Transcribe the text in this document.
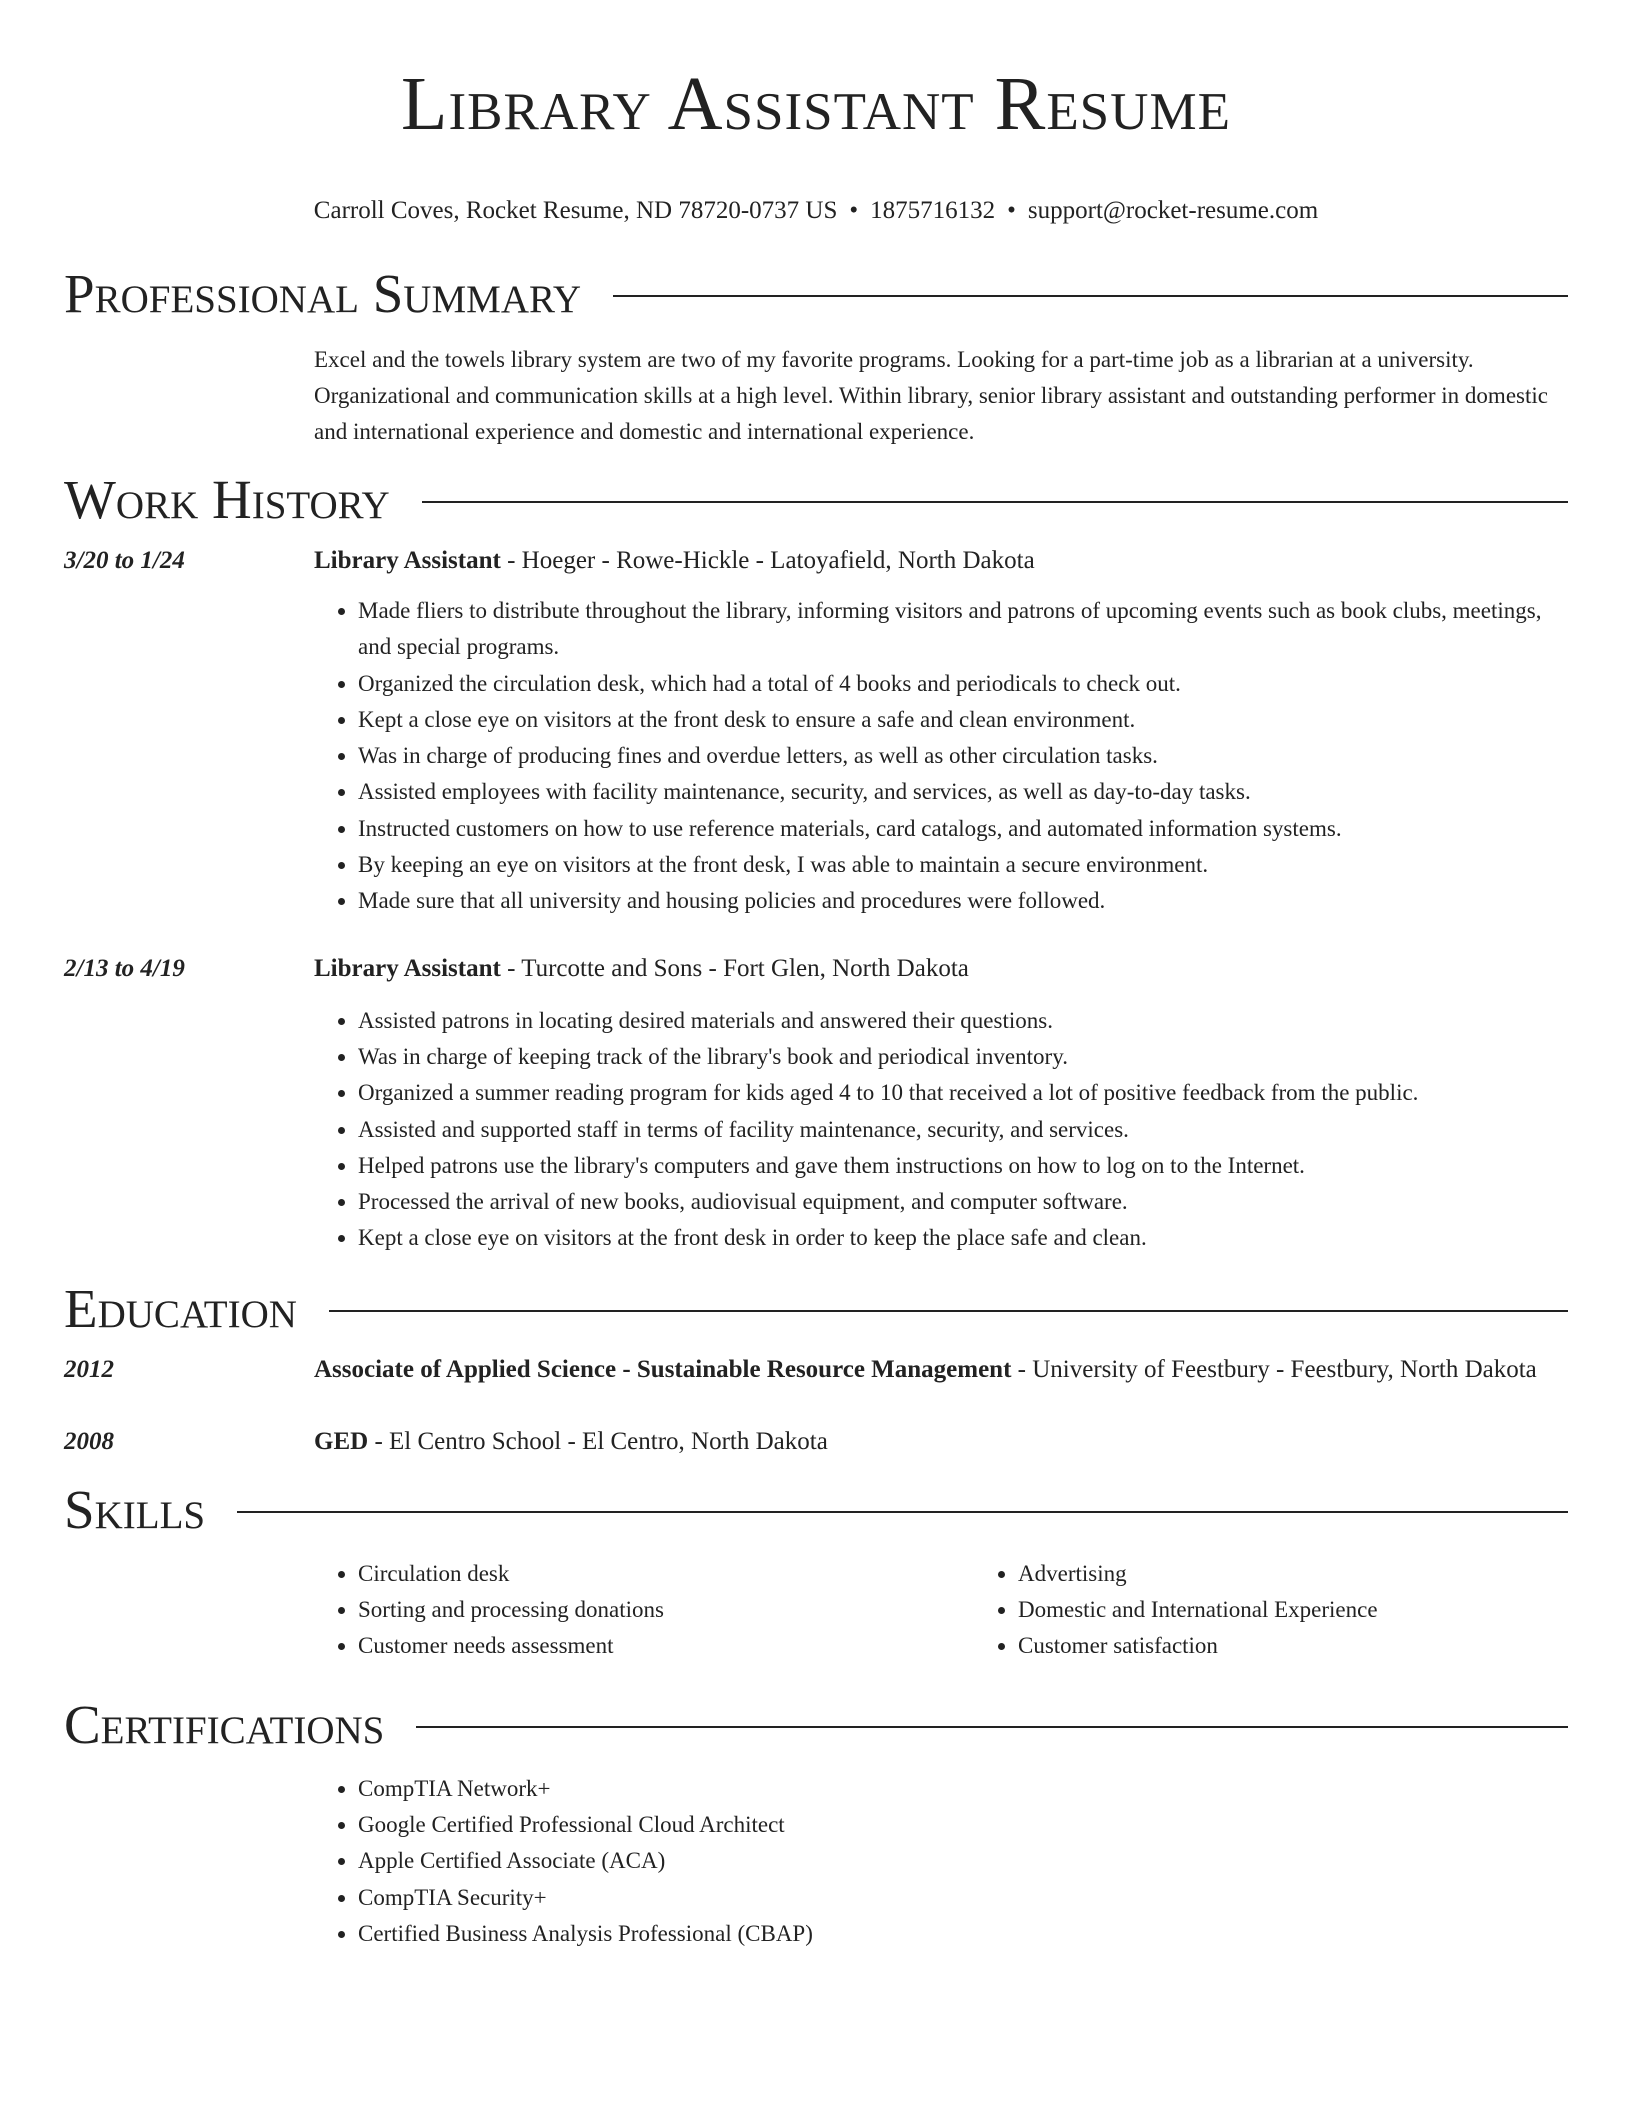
Library Assistant Resume
Carroll Coves, Rocket Resume, ND 78720-0737 US • 1875716132 • support@rocket-resume.com
Professional Summary
Excel and the towels library system are two of my favorite programs. Looking for a part-time job as a librarian at a university. Organizational and communication skills at a high level. Within library, senior library assistant and outstanding performer in domestic and international experience and domestic and international experience.
Work History
3/20 to 1/24	Library Assistant - Hoeger - Rowe-Hickle - Latoyafield, North Dakota
• Made fliers to distribute throughout the library, informing visitors and patrons of upcoming events such as book clubs, meetings, and special programs.
• Organized the circulation desk, which had a total of 4 books and periodicals to check out.
• Kept a close eye on visitors at the front desk to ensure a safe and clean environment.
• Was in charge of producing fines and overdue letters, as well as other circulation tasks.
• Assisted employees with facility maintenance, security, and services, as well as day-to-day tasks.
• Instructed customers on how to use reference materials, card catalogs, and automated information systems.
• By keeping an eye on visitors at the front desk, I was able to maintain a secure environment.
• Made sure that all university and housing policies and procedures were followed.
2/13 to 4/19	Library Assistant - Turcotte and Sons - Fort Glen, North Dakota
• Assisted patrons in locating desired materials and answered their questions.
• Was in charge of keeping track of the library's book and periodical inventory.
• Organized a summer reading program for kids aged 4 to 10 that received a lot of positive feedback from the public.
• Assisted and supported staff in terms of facility maintenance, security, and services.
• Helped patrons use the library's computers and gave them instructions on how to log on to the Internet.
• Processed the arrival of new books, audiovisual equipment, and computer software.
• Kept a close eye on visitors at the front desk in order to keep the place safe and clean.
Education
2012	Associate of Applied Science - Sustainable Resource Management - University of Feestbury - Feestbury, North Dakota
2008	GED - El Centro School - El Centro, North Dakota
Skills
• Circulation desk
• Sorting and processing donations
• Customer needs assessment
• Advertising
• Domestic and International Experience
• Customer satisfaction
Certifications
• CompTIA Network+
• Google Certified Professional Cloud Architect
• Apple Certified Associate (ACA)
• CompTIA Security+
• Certified Business Analysis Professional (CBAP)
